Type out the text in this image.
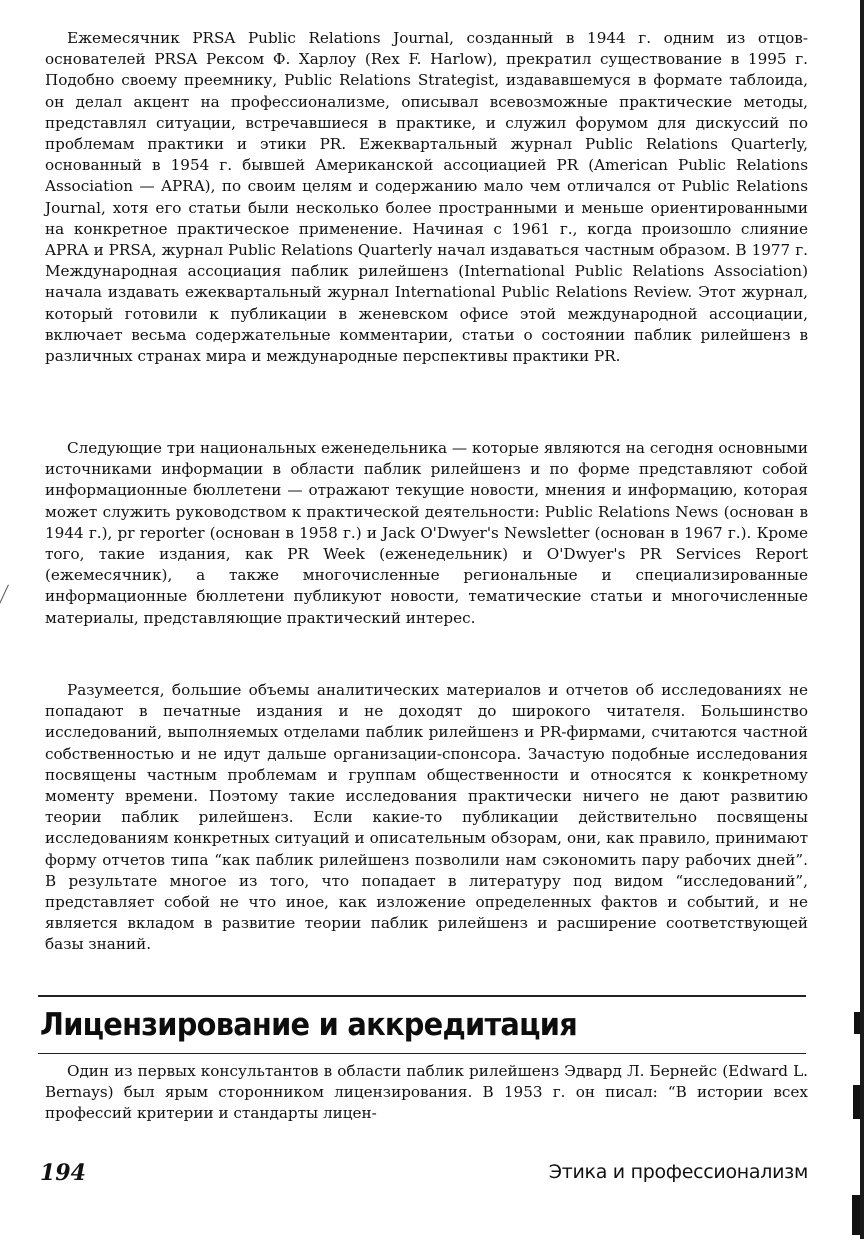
Ежемесячник PRSA Public Relations Journal, созданный в 1944 г. одним из отцов-основателей PRSA Рексом Ф. Харлоу (Rex F. Harlow), прекратил существование в 1995 г. Подобно своему преемнику, Public Relations Strategist, издававшемуся в формате таблоида, он делал акцент на профессионализме, описывал всевозможные практические методы, представлял ситуации, встречавшиеся в практике, и служил форумом для дискуссий по проблемам практики и этики PR. Ежеквартальный журнал Public Relations Quarterly, основанный в 1954 г. бывшей Американской ассоциацией PR (American Public Relations Association — APRA), по своим целям и содержанию мало чем отличался от Public Relations Journal, хотя его статьи были несколько более пространными и меньше ориентированными на конкретное практическое применение. Начиная с 1961 г., когда произошло слияние APRA и PRSA, журнал Public Relations Quarterly начал издаваться частным образом. В 1977 г. Международная ассоциация паблик рилейшенз (International Public Relations Association) начала издавать ежеквартальный журнал International Public Relations Review. Этот журнал, который готовили к публикации в женевском офисе этой международной ассоциации, включает весьма содержательные комментарии, статьи о состоянии паблик рилейшенз в различных странах мира и международные перспективы практики PR.

Следующие три национальных еженедельника — которые являются на сегодня основными источниками информации в области паблик рилейшенз и по форме представляют собой информационные бюллетени — отражают текущие новости, мнения и информацию, которая может служить руководством к практической деятельности: Public Relations News (основан в 1944 г.), pr reporter (основан в 1958 г.) и Jack O'Dwyer's Newsletter (основан в 1967 г.). Кроме того, такие издания, как PR Week (еженедельник) и O'Dwyer's PR Services Report (ежемесячник), а также многочисленные региональные и специализированные информационные бюллетени публикуют новости, тематические статьи и многочисленные материалы, представляющие практический интерес.

Разумеется, большие объемы аналитических материалов и отчетов об исследованиях не попадают в печатные издания и не доходят до широкого читателя. Большинство исследований, выполняемых отделами паблик рилейшенз и PR-фирмами, считаются частной собственностью и не идут дальше организации-спонсора. Зачастую подобные исследования посвящены частным проблемам и группам общественности и относятся к конкретному моменту времени. Поэтому такие исследования практически ничего не дают развитию теории паблик рилейшенз. Если какие-то публикации действительно посвящены исследованиям конкретных ситуаций и описательным обзорам, они, как правило, принимают форму отчетов типа “как паблик рилейшенз позволили нам сэкономить пару рабочих дней”. В результате многое из того, что попадает в литературу под видом “исследований”, представляет собой не что иное, как изложение определенных фактов и событий, и не является вкладом в развитие теории паблик рилейшенз и расширение соответствующей базы знаний.

Лицензирование и аккредитация

Один из первых консультантов в области паблик рилейшенз Эдвард Л. Бернейс (Edward L. Bernays) был ярым сторонником лицензирования. В 1953 г. он писал: “В истории всех профессий критерии и стандарты лицен-

194	Этика и профессионализм
